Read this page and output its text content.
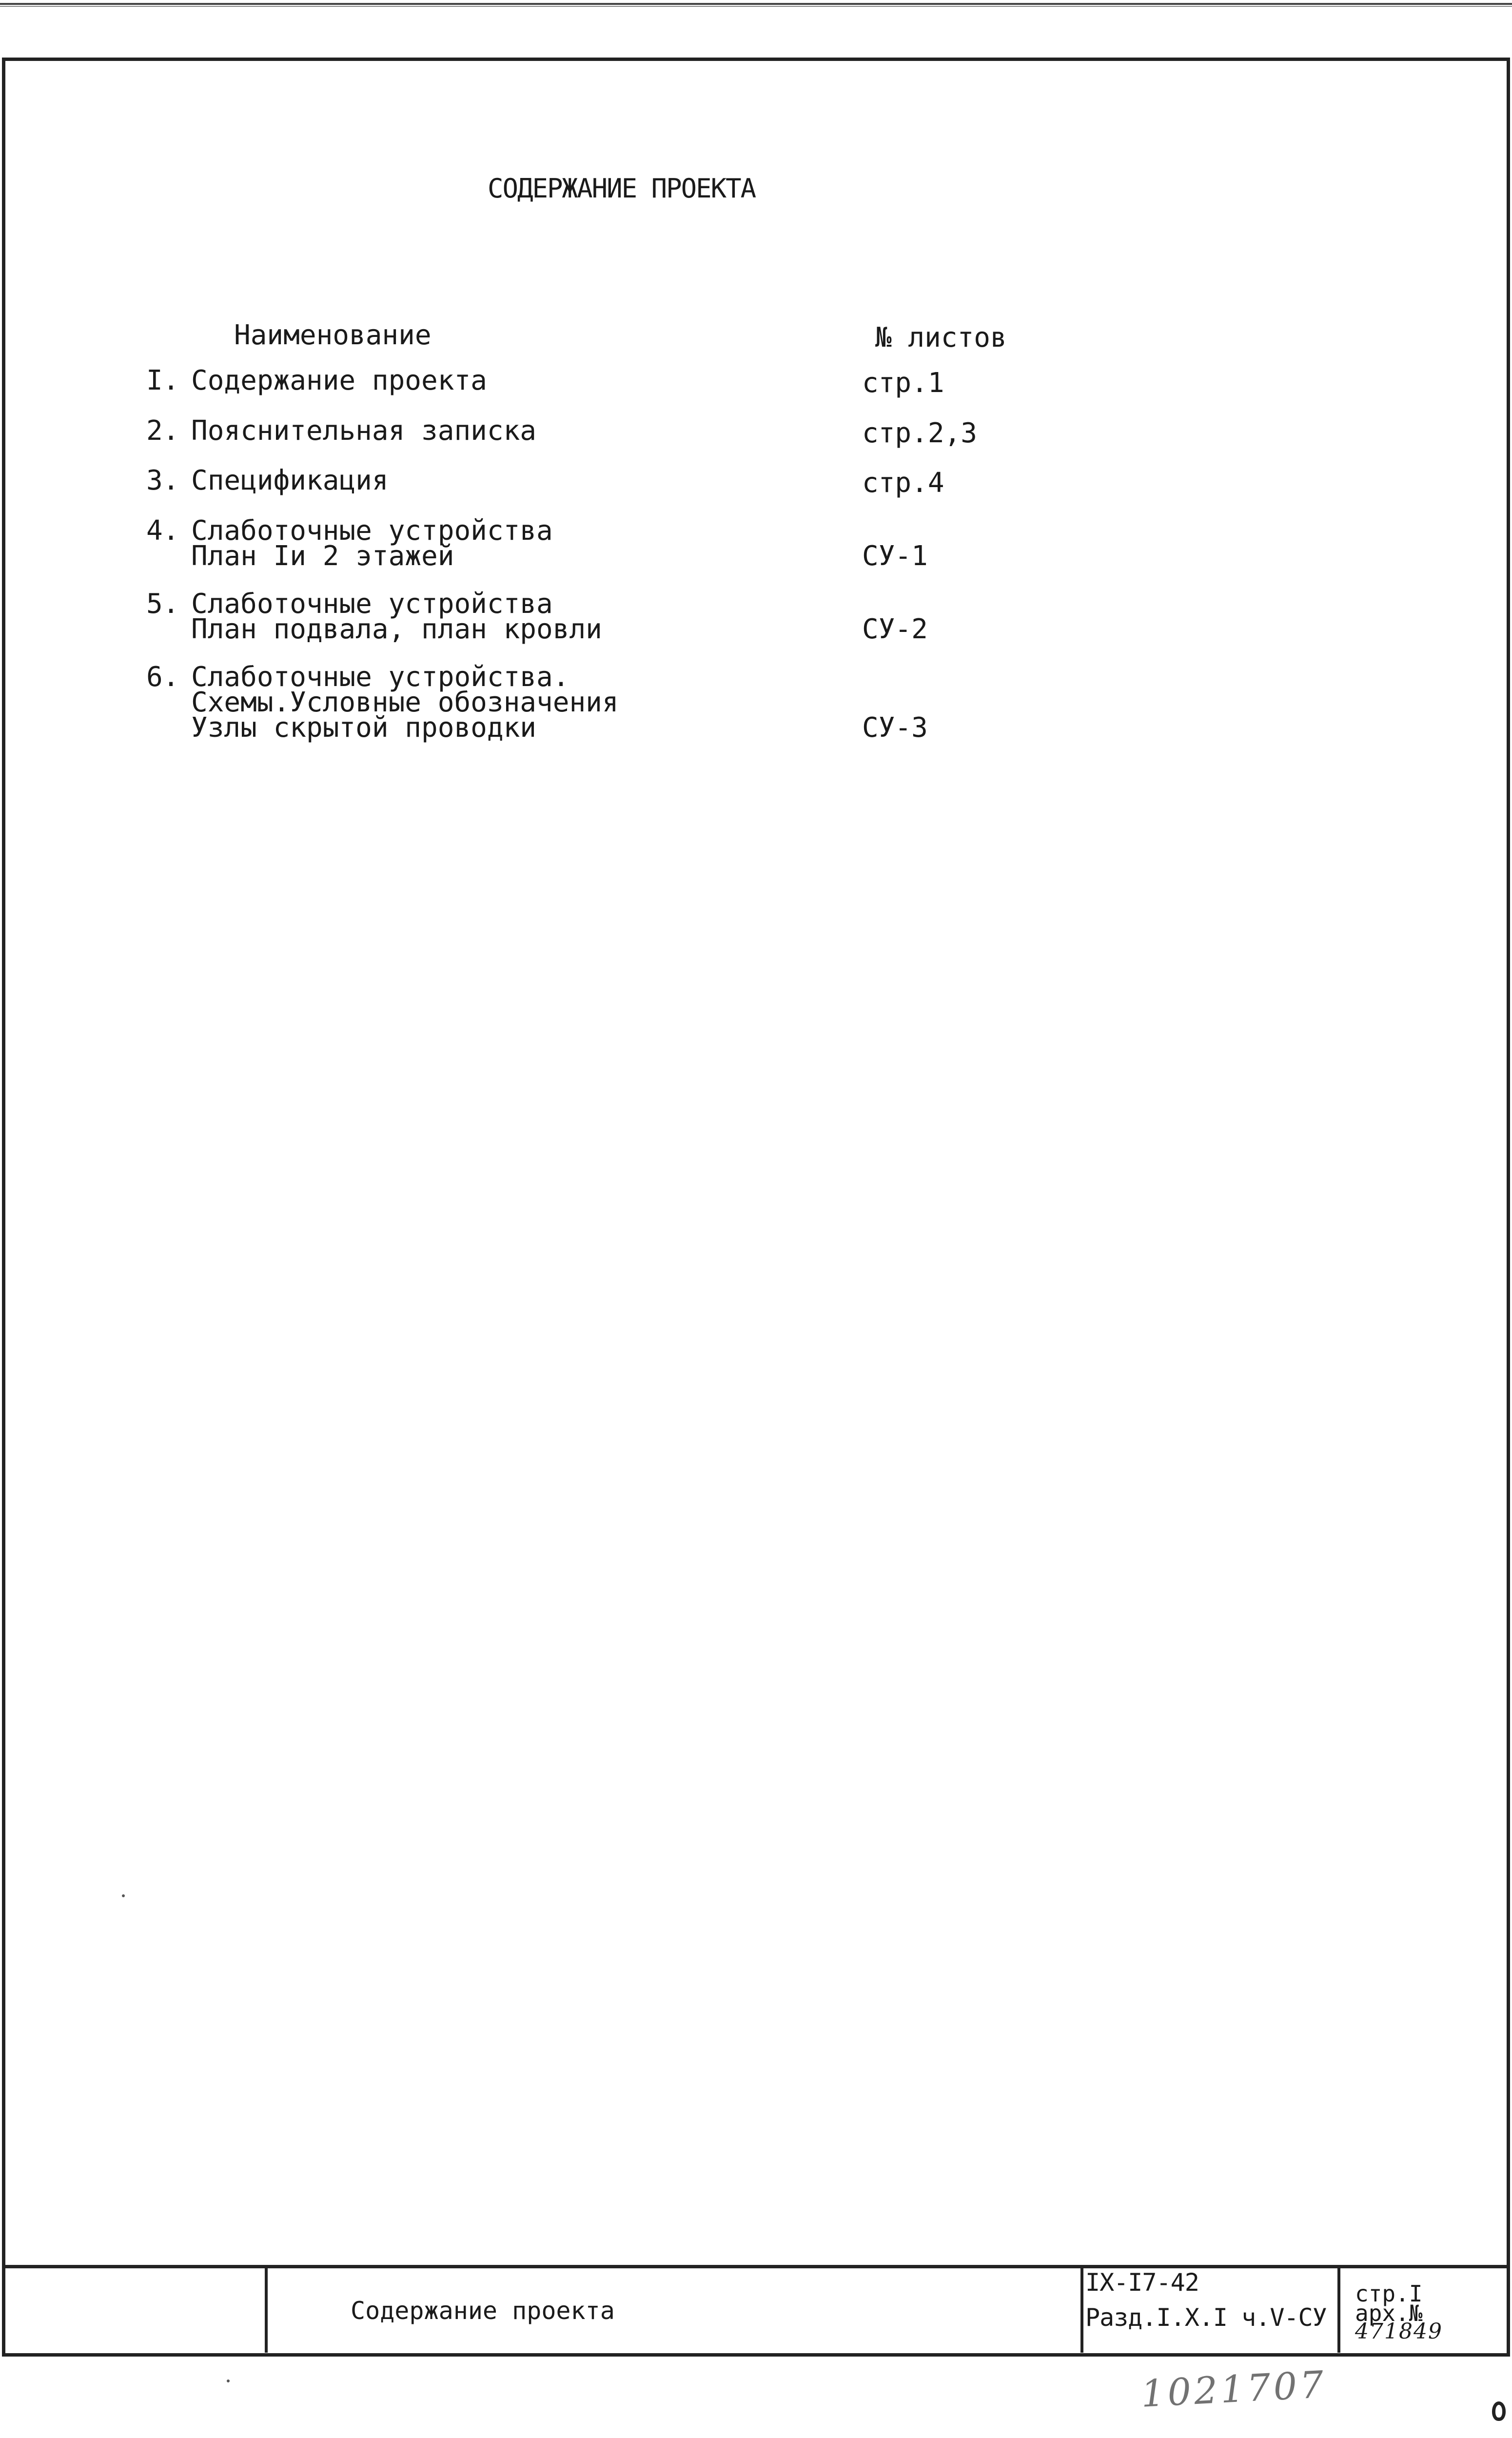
СОДЕРЖАНИЕ ПРОЕКТА
Наименование	№ листов
I. Содержание проекта	стр.1
2. Пояснительная записка	стр.2,3
3. Спецификация	стр.4
4. Слаботочные устройства
План Iи 2 этажей	СУ-1
5. Слаботочные устройства
План подвала, план кровли	СУ-2
6. Слаботочные устройства.
Схемы.Условные обозначения
Узлы скрытой проводки	СУ-3
Содержание проекта
IX-I7-42
Разд.I.X.I ч.V-СУ
стр.I
арх.№
471849
1021707
